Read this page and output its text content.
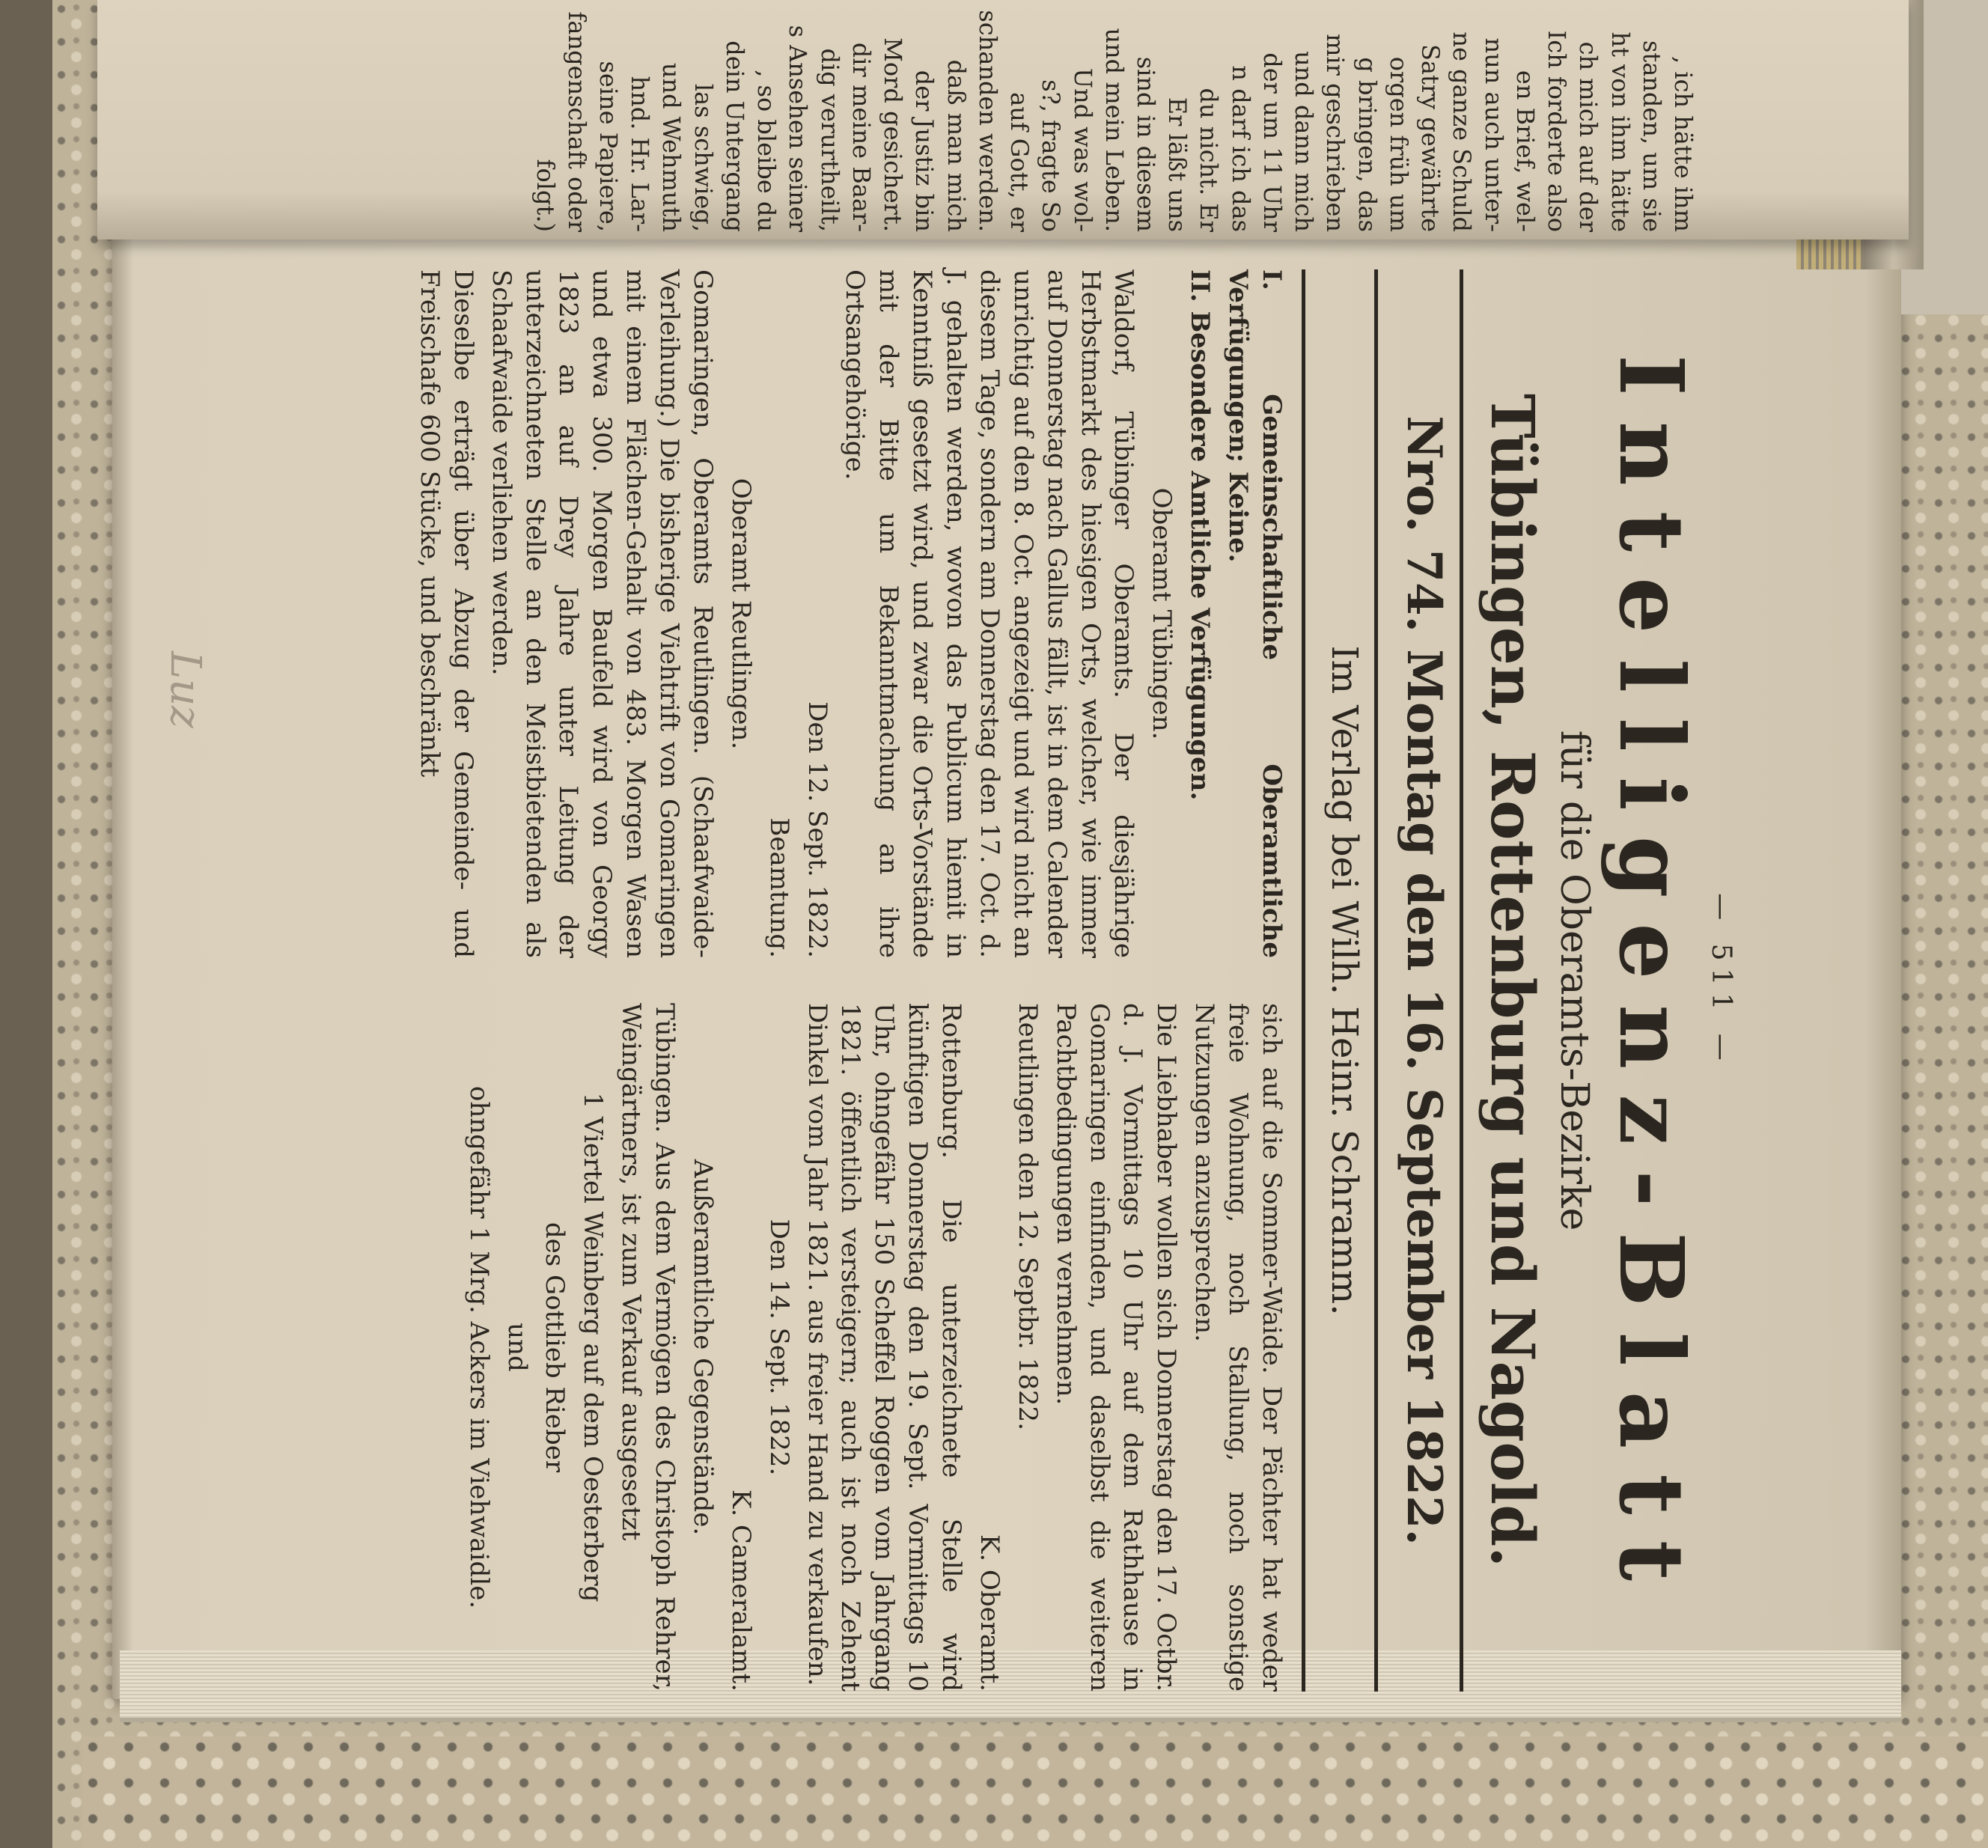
, ich hätte ihm

standen, um sie

ht von ihm hätte

ch mich auf der

Ich forderte also

en Brief, wel-

nun auch unter-

ne ganze Schuld

Satry gewährte

orgen früh um

g bringen, das

mir geschrieben

und dann mich

der um 11 Uhr

n darf ich das

du nicht. Er

Er läßt uns

sind in diesem

und mein Leben.

Und was wol-

s?, fragte So

auf Gott, er

schanden werden.

daß man mich

der Justiz bin

Mord gesichert.

dir meine Baar-

dig verurtheilt,

s Ansehen seiner

, so bleibe du

dein Untergang

las schwieg,

und Wehmuth

hnd. Hr. Lar-

seine Papiere,

fangenschaft oder

folgt.)

— 511 —
Intelligenz-Blatt
für die Oberamts-Bezirke
Tübingen, Rottenburg und Nagold.
Nro. 74. Montag den 16. September 1822.
Im Verlag bei Wilh. Heinr. Schramm.

I. Gemeinschaftliche Oberamtliche Verfügungen; Keine.

II. Besondere Amtliche Verfügungen.

Oberamt Tübingen.

Waldorf, Tübinger Oberamts. Der diesjährige Herbstmarkt des hiesigen Orts, welcher, wie immer auf Donnerstag nach Gallus fällt, ist in dem Calender unrichtig auf den 8. Oct. angezeigt und wird nicht an diesem Tage, sondern am Donnerstag den 17. Oct. d. J. gehalten werden, wovon das Publicum hiemit in Kenntniß gesetzt wird, und zwar die Orts-Vorstände mit der Bitte um Bekanntmachung an ihre Ortsangehörige.

Den 12. Sept. 1822.

Beamtung.

Oberamt Reutlingen.

Gomaringen, Oberamts Reutlingen. (Schaafwaide-Verleihung.) Die bisherige Viehtrift von Gomaringen mit einem Flächen-Gehalt von 483. Morgen Wasen und etwa 300. Morgen Baufeld wird von Georgy 1823 an auf Drey Jahre unter Leitung der unterzeichneten Stelle an den Meistbietenden als Schaafwaide verliehen werden.

Dieselbe erträgt über Abzug der Gemeinde- und Freischafe 600 Stücke, und beschränkt

sich auf die Sommer-Waide. Der Pächter hat weder freie Wohnung, noch Stallung, noch sonstige Nutzungen anzusprechen.

Die Liebhaber wollen sich Donnerstag den 17. Octbr. d. J. Vormittags 10 Uhr auf dem Rathhause in Gomaringen einfinden, und daselbst die weiteren Pachtbedingungen vernehmen.

Reutlingen den 12. Septbr. 1822.

K. Oberamt.

Rottenburg. Die unterzeichnete Stelle wird künftigen Donnerstag den 19. Sept. Vormittags 10 Uhr, ohngefähr 150 Scheffel Roggen vom Jahrgang 1821. öffentlich versteigern; auch ist noch Zehent Dinkel vom Jahr 1821. aus freier Hand zu verkaufen.

Den 14. Sept. 1822.

K. Cameralamt.

Außeramtliche Gegenstände.

Tübingen. Aus dem Vermögen des Christoph Rehrer, Weingärtners, ist zum Verkauf ausgesetzt

1 Viertel Weinberg auf dem Oesterberg

des Gottlieb Rieber

und

ohngefähr 1 Mrg. Ackers im Viehwaidle.

Luz
